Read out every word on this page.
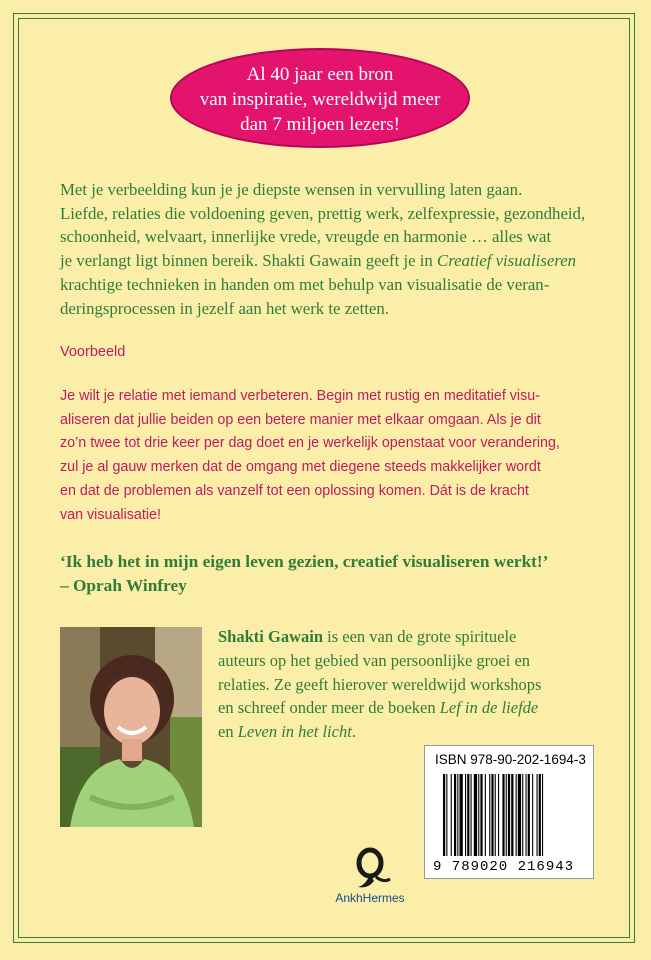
Al 40 jaar een bron
van inspiratie, wereldwijd meer
dan 7 miljoen lezers!
Met je verbeelding kun je je diepste wensen in vervulling laten gaan.
Liefde, relaties die voldoening geven, prettig werk, zelfexpressie, gezondheid,
schoonheid, welvaart, innerlijke vrede, vreugde en harmonie … alles wat
je verlangt ligt binnen bereik. Shakti Gawain geeft je in Creatief visualiseren
krachtige technieken in handen om met behulp van visualisatie de veran-
deringsprocessen in jezelf aan het werk te zetten.
Voorbeeld
Je wilt je relatie met iemand verbeteren. Begin met rustig en meditatief visu-
aliseren dat jullie beiden op een betere manier met elkaar omgaan. Als je dit
zo’n twee tot drie keer per dag doet en je werkelijk openstaat voor verandering,
zul je al gauw merken dat de omgang met diegene steeds makkelijker wordt
en dat de problemen als vanzelf tot een oplossing komen. Dát is de kracht
van visualisatie!
‘Ik heb het in mijn eigen leven gezien, creatief visualiseren werkt!’
– Oprah Winfrey
Shakti Gawain is een van de grote spirituele
auteurs op het gebied van persoonlijke groei en
relaties. Ze geeft hierover wereldwijd workshops
en schreef onder meer de boeken Lef in de liefde
en Leven in het licht.
ISBN 978-90-202-1694-3
9 789020 216943
AnkhHermes
